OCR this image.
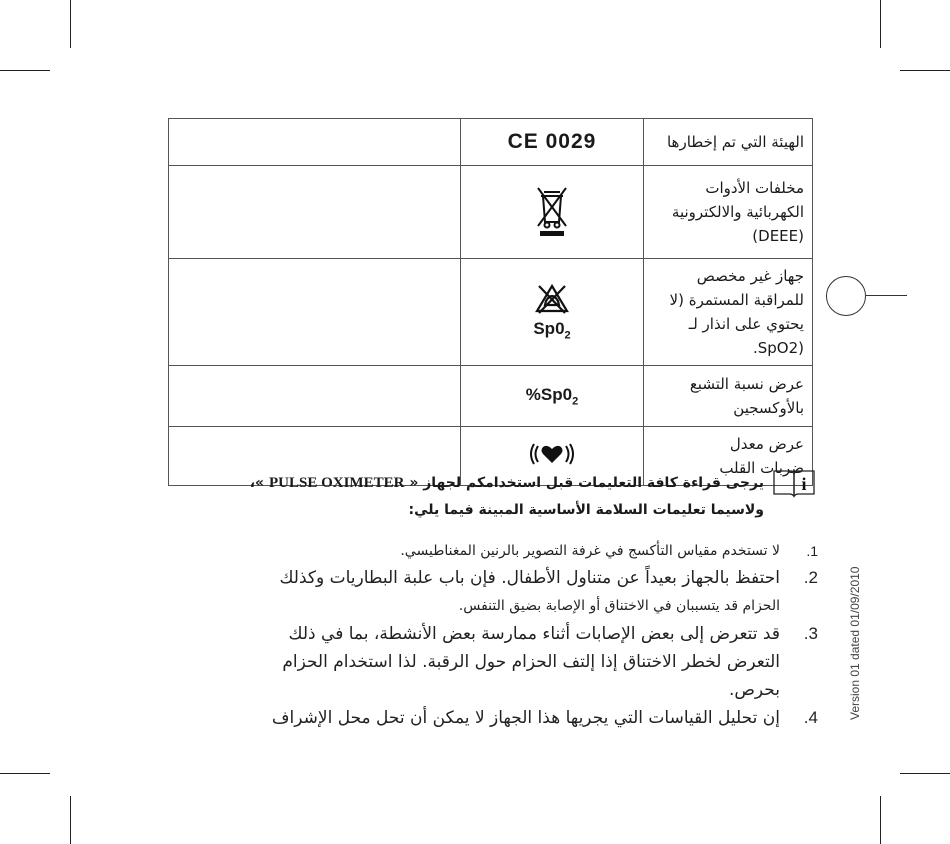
	CE 0029	الهيئة التي تم إخطارها

مخلفات الأدوات
الكهربائية والالكترونية
(DEEE)

	$Sp0_2$	جهاز غير مخصص
للمراقبة المستمرة (لا
يحتوي على انذار لـ
(SpO2.

	$\%Sp0_2$	عرض نسبة التشبع
بالأوكسجين

عرض معدل
ضربات القلب
i
يرجى قراءة كافة التعليمات قبل استخدامكم لجهاز « PULSE OXIMETER »،
ولاسيما تعليمات السلامة الأساسية المبينة فيما يلي:
1.
لا تستخدم مقياس التأكسج في غرفة التصوير بالرنين المغناطيسي.
2.
احتفظ بالجهاز بعيداً عن متناول الأطفال. فإن باب علبة البطاريات وكذلك
الحزام قد يتسببان في الاختناق أو الإصابة بضيق التنفس.
3.
قد تتعرض إلى بعض الإصابات أثناء ممارسة بعض الأنشطة، بما في ذلك
التعرض لخطر الاختناق إذا إلتف الحزام حول الرقبة. لذا استخدام الحزام
بحرص.
4.
إن تحليل القياسات التي يجريها هذا الجهاز لا يمكن أن تحل محل الإشراف	Version 01 dated 01/09/2010
